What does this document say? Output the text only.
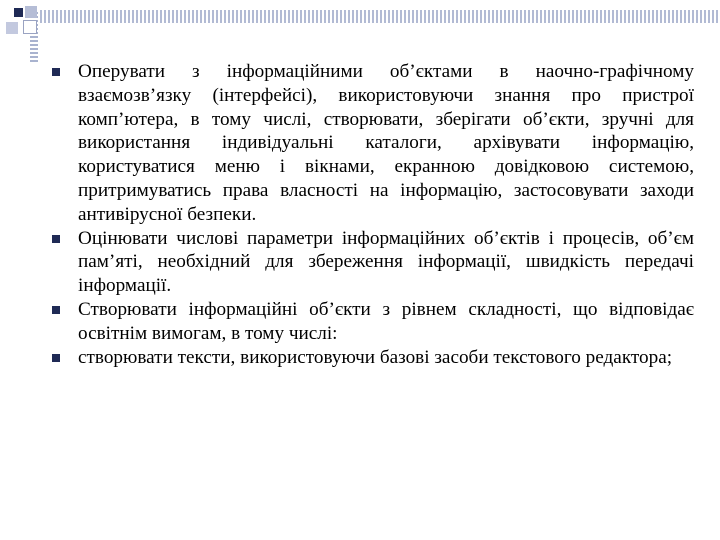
Оперувати з інформаційними об’єктами в наочно-графічному взаємозв’язку (інтерфейсі), використовуючи знання про пристрої комп’ютера, в тому числі, створювати, зберігати об’єкти, зручні для використання індивідуальні каталоги, архівувати інформацію, користуватися меню і вікнами, екранною довідковою системою, притримуватись права власності на інформацію, застосовувати заходи антивірусної безпеки.
Оцінювати числові параметри інформаційних об’єктів і процесів, об’єм пам’яті, необхідний для збереження інформації, швидкість передачі інформації.
Створювати інформаційні об’єкти з рівнем складності, що відповідає освітнім вимогам, в тому числі:
створювати тексти, використовуючи базові засоби текстового редактора;
